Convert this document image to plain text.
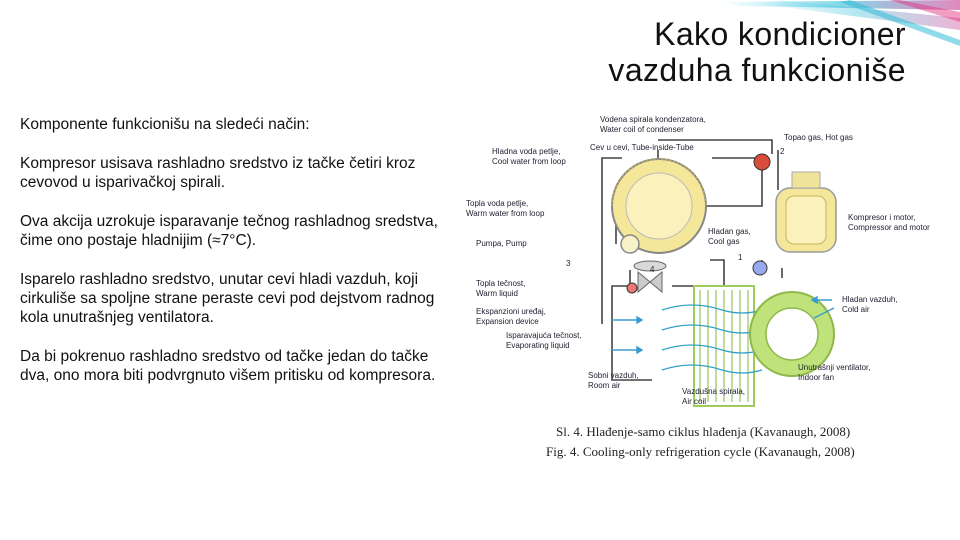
Kako kondicioner
vazduha funkcioniše

Komponente funkcionišu na sledeći način:

Kompresor usisava rashladno sredstvo iz tačke četiri kroz cevovod u isparivačkoj spirali.

Ova akcija uzrokuje isparavanje tečnog rashladnog sredstva, čime ono postaje hladnijim (≈7°C).

Isparelo rashladno sredstvo, unutar cevi hladi vazduh, koji cirkuliše sa spoljne strane peraste cevi pod dejstvom radnog kola unutrašnjeg ventilatora.

Da bi pokrenuo rashladno sredstvo od tačke jedan do tačke dva, ono mora biti podvrgnuto višem pritisku od kompresora.

Vodena spirala kondenzatora,
Water coil of condenser
Cev u cevi, Tube-inside-Tube
Hladna voda petlje,
Cool water from loop
Topao gas, Hot gas
2
Topla voda petlje,
Warm water from loop	Kompresor i motor,
Compressor and motor
Pumpa, Pump
Hladan gas,
Cool gas
1
3
4
Topla tečnost,
Warm liquid
Hladan vazduh,
Cold air
Ekspanzioni uređaj,
Expansion device
Isparavajuća tečnost,
Evaporating liquid
Unutrašnji ventilator,
Indoor fan
Sobni vazduh,
Room air
Vazdušna spirala,
Air coil
Sl. 4. Hlađenje-samo ciklus hlađenja (Kavanaugh, 2008)
Fig. 4. Cooling-only refrigeration cycle (Kavanaugh, 2008)
